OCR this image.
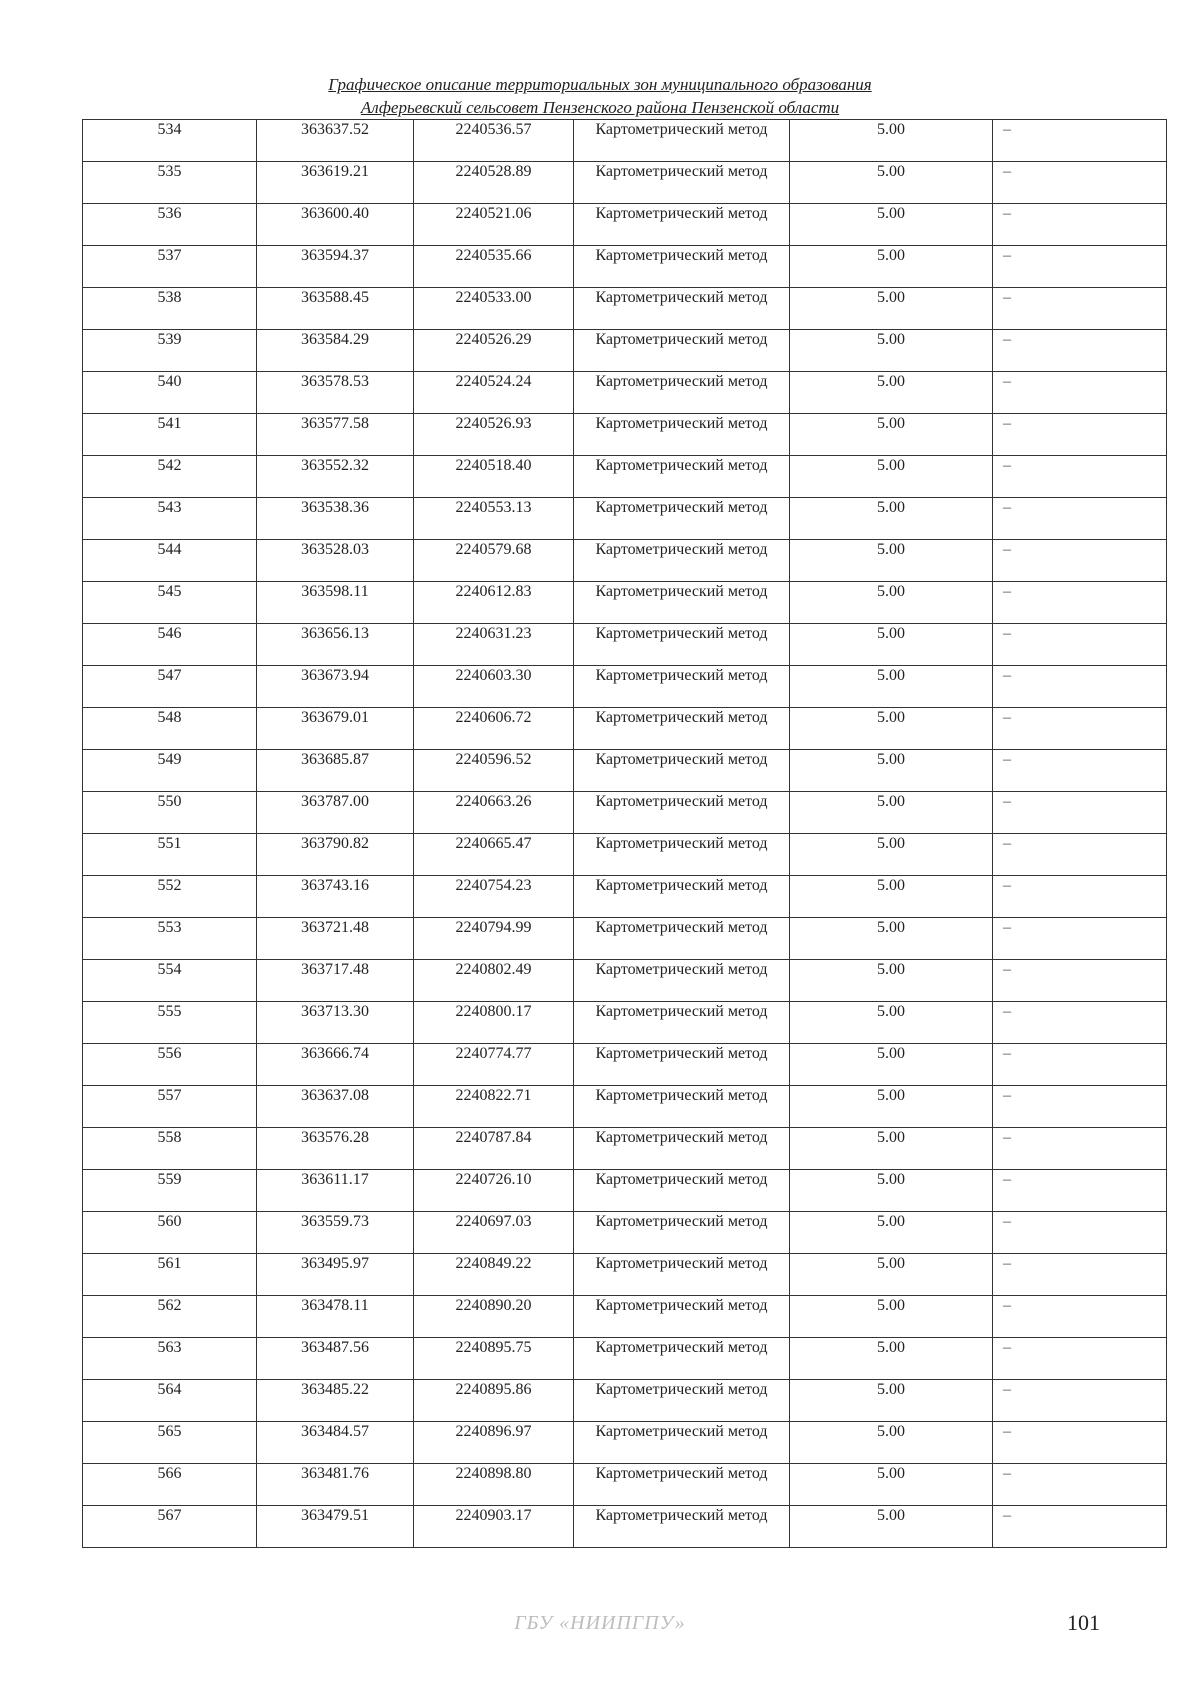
Графическое описание территориальных зон муниципального образования
Алферьевский сельсовет Пензенского района Пензенской области
534	363637.52	2240536.57	Картометрический метод	5.00	–
535	363619.21	2240528.89	Картометрический метод	5.00	–
536	363600.40	2240521.06	Картометрический метод	5.00	–
537	363594.37	2240535.66	Картометрический метод	5.00	–
538	363588.45	2240533.00	Картометрический метод	5.00	–
539	363584.29	2240526.29	Картометрический метод	5.00	–
540	363578.53	2240524.24	Картометрический метод	5.00	–
541	363577.58	2240526.93	Картометрический метод	5.00	–
542	363552.32	2240518.40	Картометрический метод	5.00	–
543	363538.36	2240553.13	Картометрический метод	5.00	–
544	363528.03	2240579.68	Картометрический метод	5.00	–
545	363598.11	2240612.83	Картометрический метод	5.00	–
546	363656.13	2240631.23	Картометрический метод	5.00	–
547	363673.94	2240603.30	Картометрический метод	5.00	–
548	363679.01	2240606.72	Картометрический метод	5.00	–
549	363685.87	2240596.52	Картометрический метод	5.00	–
550	363787.00	2240663.26	Картометрический метод	5.00	–
551	363790.82	2240665.47	Картометрический метод	5.00	–
552	363743.16	2240754.23	Картометрический метод	5.00	–
553	363721.48	2240794.99	Картометрический метод	5.00	–
554	363717.48	2240802.49	Картометрический метод	5.00	–
555	363713.30	2240800.17	Картометрический метод	5.00	–
556	363666.74	2240774.77	Картометрический метод	5.00	–
557	363637.08	2240822.71	Картометрический метод	5.00	–
558	363576.28	2240787.84	Картометрический метод	5.00	–
559	363611.17	2240726.10	Картометрический метод	5.00	–
560	363559.73	2240697.03	Картометрический метод	5.00	–
561	363495.97	2240849.22	Картометрический метод	5.00	–
562	363478.11	2240890.20	Картометрический метод	5.00	–
563	363487.56	2240895.75	Картометрический метод	5.00	–
564	363485.22	2240895.86	Картометрический метод	5.00	–
565	363484.57	2240896.97	Картометрический метод	5.00	–
566	363481.76	2240898.80	Картометрический метод	5.00	–
567	363479.51	2240903.17	Картометрический метод	5.00	–
ГБУ «НИИПГПУ»	101
